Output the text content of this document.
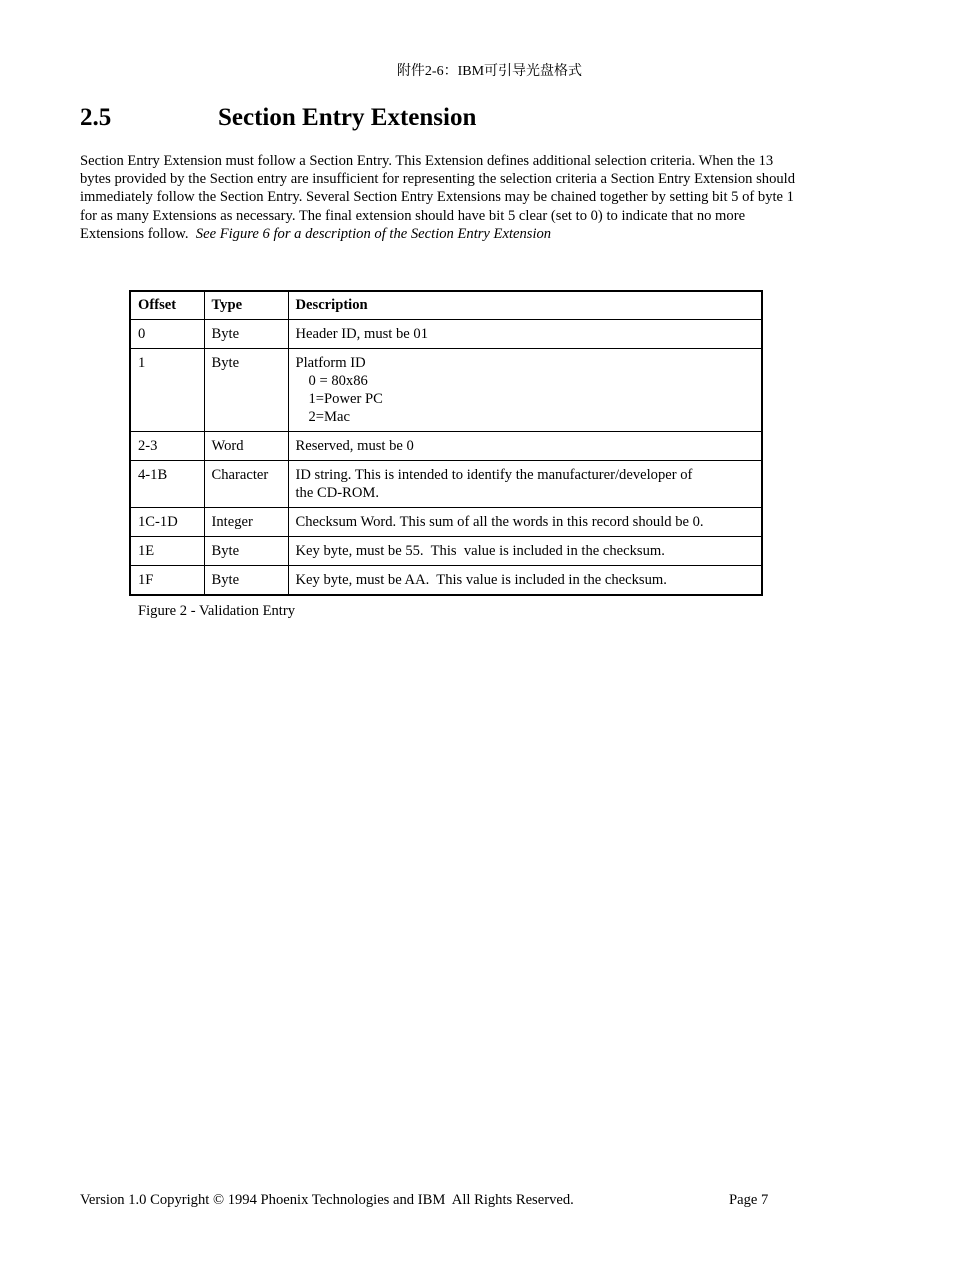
附件2-6：IBM可引导光盘格式
2.5	Section Entry Extension
Section Entry Extension must follow a Section Entry. This Extension defines additional selection criteria. When the 13
bytes provided by the Section entry are insufficient for representing the selection criteria a Section Entry Extension should
immediately follow the Section Entry. Several Section Entry Extensions may be chained together by setting bit 5 of byte 1
for as many Extensions as necessary. The final extension should have bit 5 clear (set to 0) to indicate that no more
Extensions follow.  See Figure 6 for a description of the Section Entry Extension
Offset	Type	Description
0	Byte	Header ID, must be 01

1	Byte	Platform ID
0 = 80x86
1=Power PC
2=Mac

2-3	Word	Reserved, must be 0

4-1B	Character	ID string. This is intended to identify the manufacturer/developer of
the CD-ROM.

1C-1D	Integer	Checksum Word. This sum of all the words in this record should be 0.

1E	Byte	Key byte, must be 55.  This  value is included in the checksum.

1F	Byte	Key byte, must be AA.  This value is included in the checksum.
Figure 2 - Validation Entry
Version 1.0 Copyright © 1994 Phoenix Technologies and IBM  All Rights Reserved.	Page 7
